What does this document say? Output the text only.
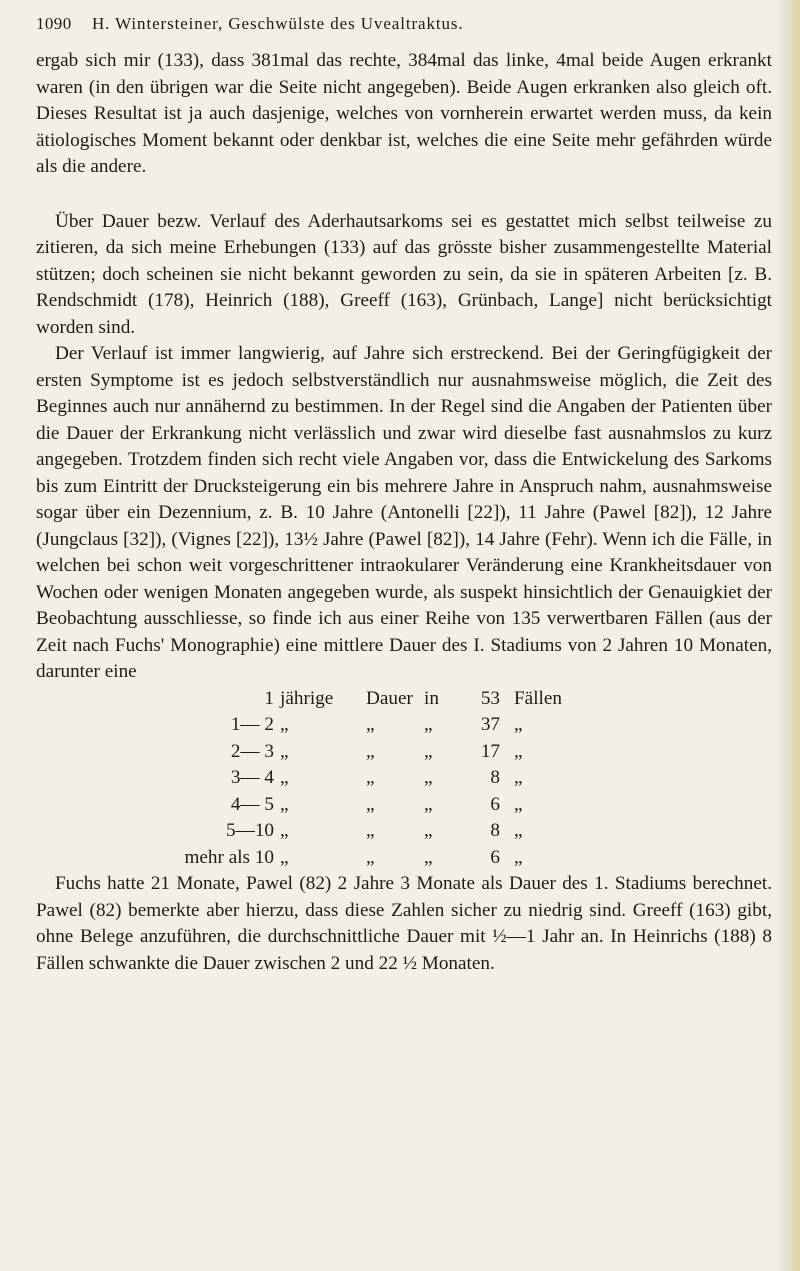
1090	H. Wintersteiner, Geschwülste des Uvealtraktus.

ergab sich mir (133), dass 381mal das rechte, 384mal das linke, 4mal beide Augen erkrankt waren (in den übrigen war die Seite nicht angegeben). Beide Augen erkranken also gleich oft. Dieses Resultat ist ja auch dasjenige, welches von vornherein erwartet werden muss, da kein ätiologisches Moment bekannt oder denkbar ist, welches die eine Seite mehr gefährden würde als die andere.

Über Dauer bezw. Verlauf des Aderhautsarkoms sei es gestattet mich selbst teilweise zu zitieren, da sich meine Erhebungen (133) auf das grösste bisher zusammengestellte Material stützen; doch scheinen sie nicht bekannt geworden zu sein, da sie in späteren Arbeiten [z. B. Rendschmidt (178), Heinrich (188), Greeff (163), Grünbach, Lange] nicht berücksichtigt worden sind.

Der Verlauf ist immer langwierig, auf Jahre sich erstreckend. Bei der Geringfügigkeit der ersten Symptome ist es jedoch selbstverständlich nur ausnahmsweise möglich, die Zeit des Beginnes auch nur annähernd zu bestimmen. In der Regel sind die Angaben der Patienten über die Dauer der Erkrankung nicht verlässlich und zwar wird dieselbe fast ausnahmslos zu kurz angegeben. Trotzdem finden sich recht viele Angaben vor, dass die Entwickelung des Sarkoms bis zum Eintritt der Drucksteigerung ein bis mehrere Jahre in Anspruch nahm, ausnahmsweise sogar über ein Dezennium, z. B. 10 Jahre (Antonelli [22]), 11 Jahre (Pawel [82]), 12 Jahre (Jungclaus [32]), (Vignes [22]), 13½ Jahre (Pawel [82]), 14 Jahre (Fehr). Wenn ich die Fälle, in welchen bei schon weit vorgeschrittener intraokularer Veränderung eine Krankheitsdauer von Wochen oder wenigen Monaten angegeben wurde, als suspekt hinsichtlich der Genauigkiet der Beobachtung ausschliesse, so finde ich aus einer Reihe von 135 verwertbaren Fällen (aus der Zeit nach Fuchs' Monographie) eine mittlere Dauer des I. Stadiums von 2 Jahren 10 Monaten, darunter eine

1	jährige	Dauer	in	53	Fällen
1— 2	„	„	„	37	„
2— 3	„	„	„	17	„
3— 4	„	„	„	8	„
4— 5	„	„	„	6	„
5—10	„	„	„	8	„
mehr als 10	„	„	„	6	„

Fuchs hatte 21 Monate, Pawel (82) 2 Jahre 3 Monate als Dauer des 1. Stadiums berechnet. Pawel (82) bemerkte aber hierzu, dass diese Zahlen sicher zu niedrig sind. Greeff (163) gibt, ohne Belege anzuführen, die durchschnittliche Dauer mit ½—1 Jahr an. In Heinrichs (188) 8 Fällen schwankte die Dauer zwischen 2 und 22 ½ Monaten.
